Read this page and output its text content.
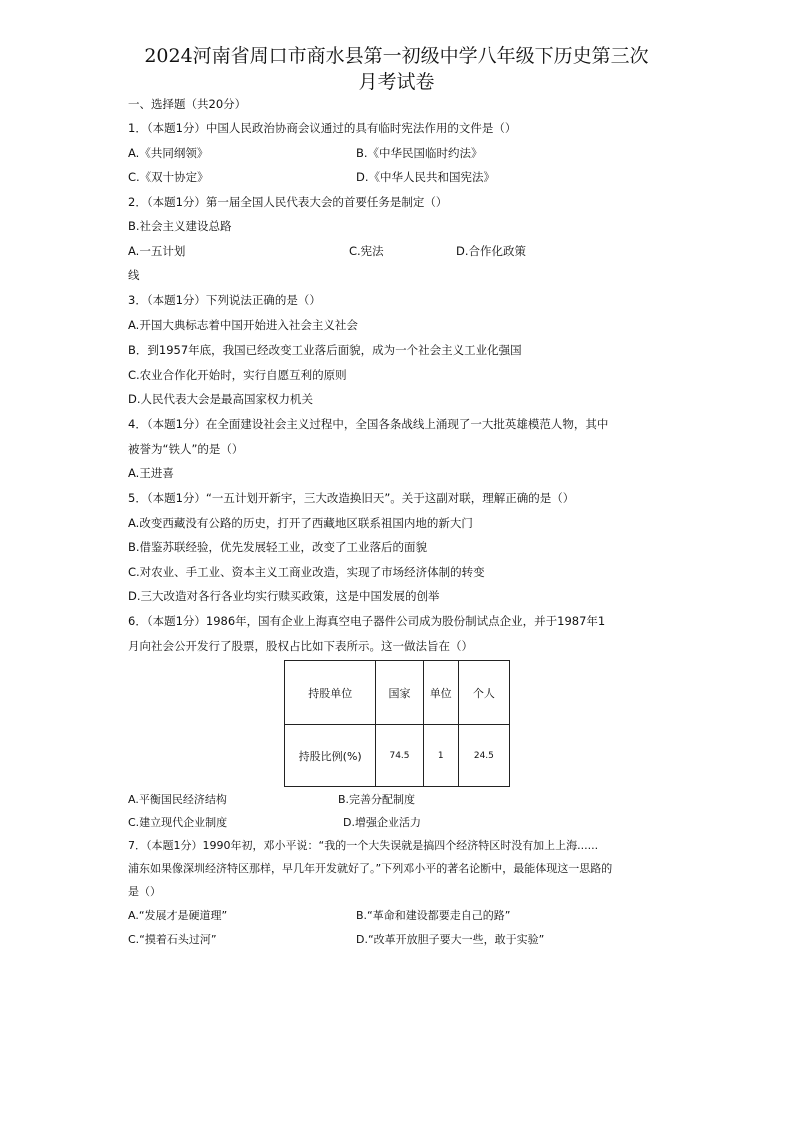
2024河南省周口市商水县第一初级中学八年级下历史第三次
月考试卷
一、选择题（共20分）
1．（本题1分）中国人民政治协商会议通过的具有临时宪法作用的文件是（）
A.《共同纲领》	B.《中华民国临时约法》
C.《双十协定》	D.《中华人民共和国宪法》
2．（本题1分）第一届全国人民代表大会的首要任务是制定（）
B.社会主义建设总路
A.一五计划	C.宪法	D.合作化政策
线
3．（本题1分）下列说法正确的是（）
A.开国大典标志着中国开始进入社会主义社会
B．到1957年底，我国已经改变工业落后面貌，成为一个社会主义工业化强国
C.农业合作化开始时，实行自愿互利的原则
D.人民代表大会是最高国家权力机关
4．（本题1分）在全面建设社会主义过程中，全国各条战线上涌现了一大批英雄模范人物，其中
被誉为“铁人”的是（）
A.王进喜
5．（本题1分）“一五计划开新宇，三大改造换旧天”。关于这副对联，理解正确的是（）
A.改变西藏没有公路的历史，打开了西藏地区联系祖国内地的新大门
B.借鉴苏联经验，优先发展轻工业，改变了工业落后的面貌
C.对农业、手工业、资本主义工商业改造，实现了市场经济体制的转变
D.三大改造对各行各业均实行赎买政策，这是中国发展的创举
6．（本题1分）1986年，国有企业上海真空电子器件公司成为股份制试点企业，并于1987年1
月向社会公开发行了股票，股权占比如下表所示。这一做法旨在（）
持股单位	国家	单位	个人
持股比例(%)	74.5	1	24.5
A.平衡国民经济结构	B.完善分配制度
C.建立现代企业制度	D.增强企业活力
7．（本题1分）1990年初，邓小平说：“我的一个大失误就是搞四个经济特区时没有加上上海......
浦东如果像深圳经济特区那样，早几年开发就好了。”下列邓小平的著名论断中，最能体现这一思路的
是（）
A.“发展才是硬道理”	B.“革命和建设都要走自己的路”
C.“摸着石头过河”	D.“改革开放胆子要大一些，敢于实验”
